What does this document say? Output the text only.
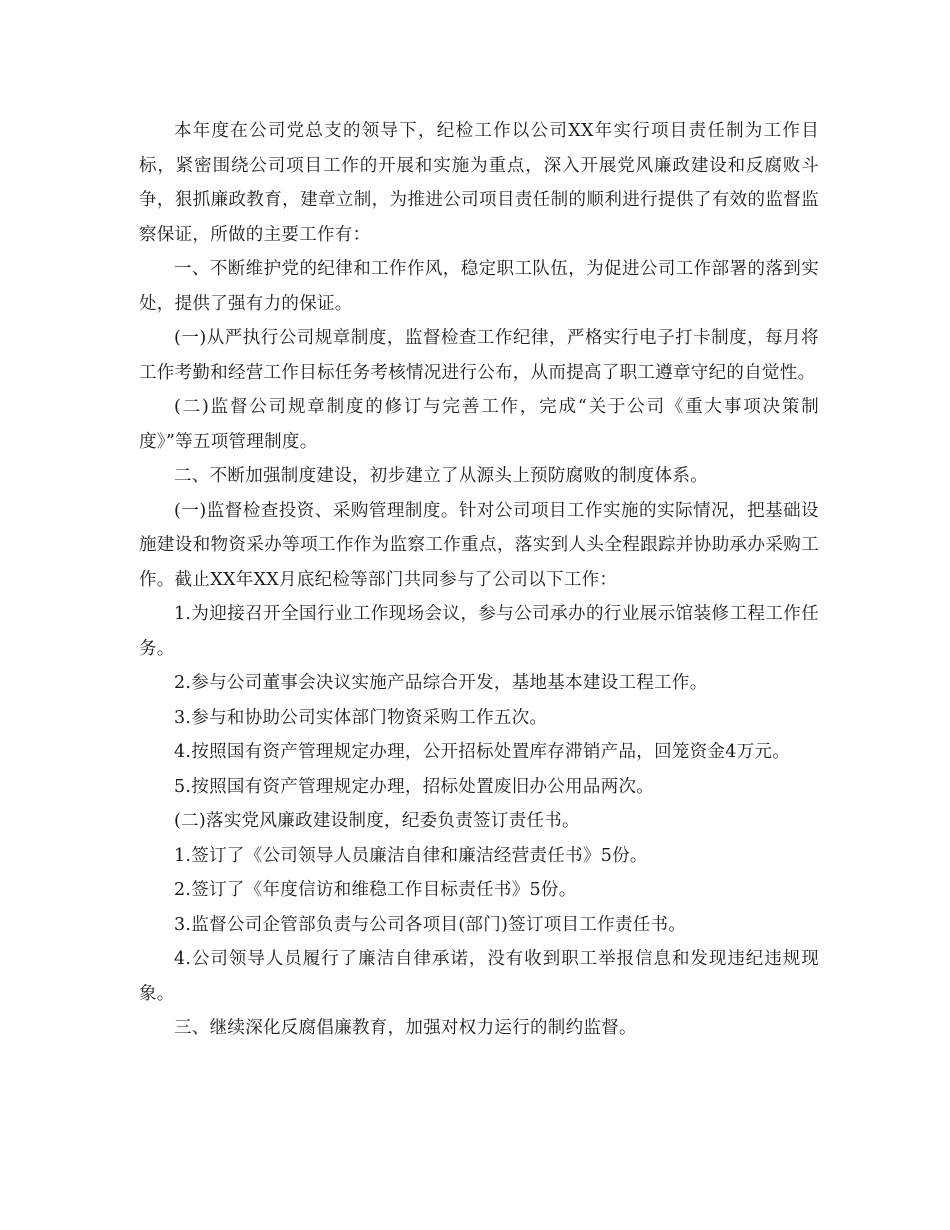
本年度在公司党总支的领导下，纪检工作以公司XX年实行项目责任制为工作目标，紧密围绕公司项目工作的开展和实施为重点，深入开展党风廉政建设和反腐败斗争，狠抓廉政教育，建章立制，为推进公司项目责任制的顺利进行提供了有效的监督监察保证，所做的主要工作有：

一、不断维护党的纪律和工作作风，稳定职工队伍，为促进公司工作部署的落到实处，提供了强有力的保证。

(一)从严执行公司规章制度，监督检查工作纪律，严格实行电子打卡制度，每月将工作考勤和经营工作目标任务考核情况进行公布，从而提高了职工遵章守纪的自觉性。

(二)监督公司规章制度的修订与完善工作，完成“关于公司《重大事项决策制度》”等五项管理制度。

二、不断加强制度建设，初步建立了从源头上预防腐败的制度体系。

(一)监督检查投资、采购管理制度。针对公司项目工作实施的实际情况，把基础设施建设和物资采办等项工作作为监察工作重点，落实到人头全程跟踪并协助承办采购工作。截止XX年XX月底纪检等部门共同参与了公司以下工作：

1.为迎接召开全国行业工作现场会议，参与公司承办的行业展示馆装修工程工作任务。

2.参与公司董事会决议实施产品综合开发，基地基本建设工程工作。

3.参与和协助公司实体部门物资采购工作五次。

4.按照国有资产管理规定办理，公开招标处置库存滞销产品，回笼资金4万元。

5.按照国有资产管理规定办理，招标处置废旧办公用品两次。

(二)落实党风廉政建设制度，纪委负责签订责任书。

1.签订了《公司领导人员廉洁自律和廉洁经营责任书》5份。

2.签订了《年度信访和维稳工作目标责任书》5份。

3.监督公司企管部负责与公司各项目(部门)签订项目工作责任书。

4.公司领导人员履行了廉洁自律承诺，没有收到职工举报信息和发现违纪违规现象。

三、继续深化反腐倡廉教育，加强对权力运行的制约监督。
